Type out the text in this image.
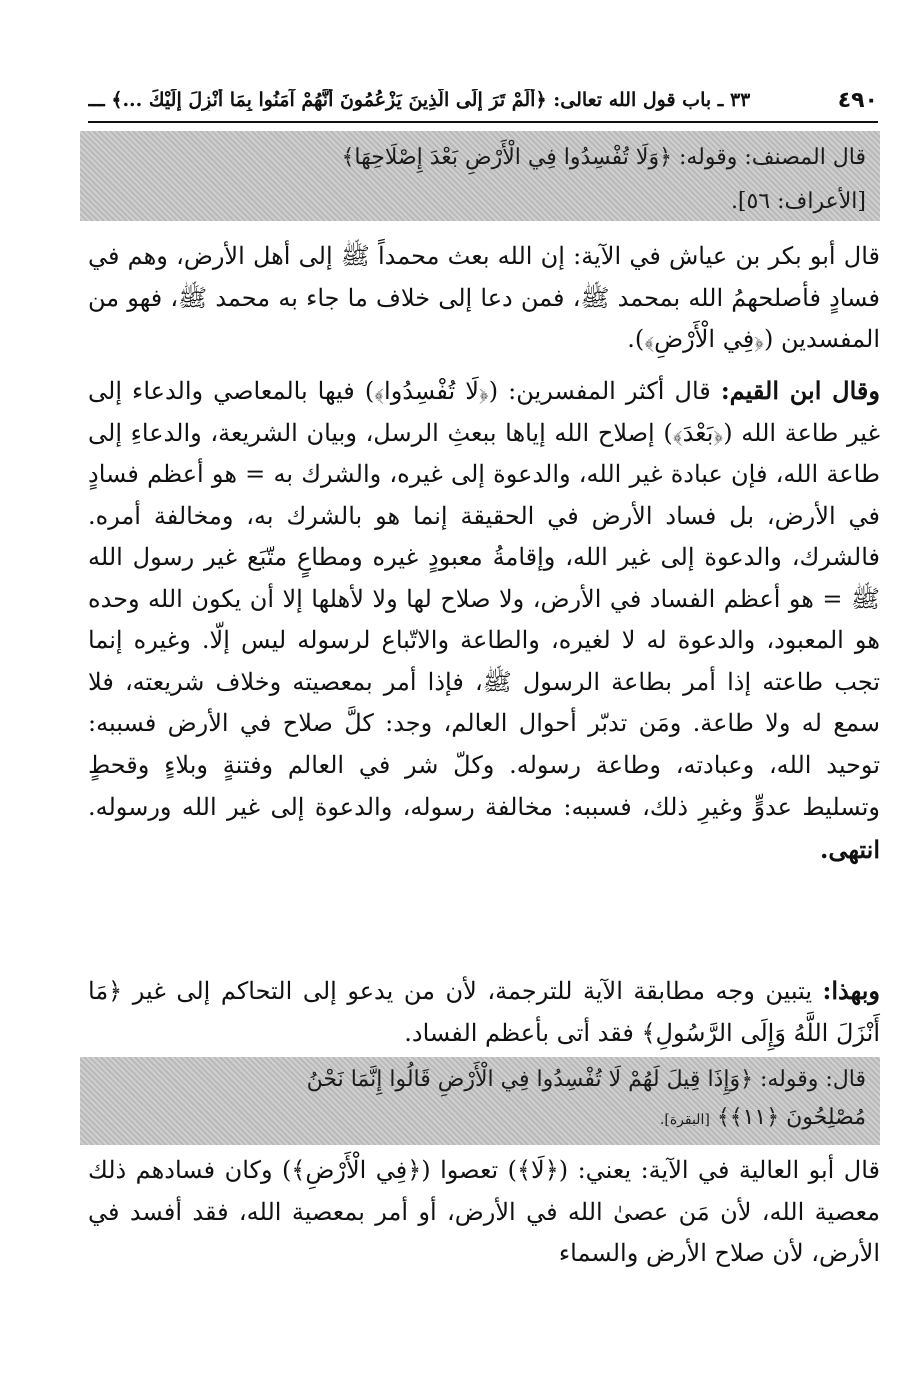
٤٩٠
٣٣ ـ باب قول الله تعالى: ﴿أَلَمْ تَرَ إِلَى الَّذِينَ يَزْعُمُونَ أَنَّهُمْ آمَنُوا بِمَا أُنْزِلَ إِلَيْكَ ...﴾ ـــ
قال المصنف: وقوله: ﴿وَلَا تُفْسِدُوا فِي الْأَرْضِ بَعْدَ إِصْلَاحِهَا﴾
[الأعراف: ٥٦].

قال أبو بكر بن عياش في الآية: إن الله بعث محمداً ﷺ إلى أهل الأرض، وهم في فسادٍ فأصلحهمُ الله بمحمد ﷺ، فمن دعا إلى خلاف ما جاء به محمد ﷺ، فهو من المفسدين (﴿فِي الْأَرْضِ﴾).

وقال ابن القيم: قال أكثر المفسرين: (﴿لَا تُفْسِدُوا﴾) فيها بالمعاصي والدعاء إلى غير طاعة الله (﴿بَعْدَ﴾) إصلاح الله إياها ببعثِ الرسل، وبيان الشريعة، والدعاءِ إلى طاعة الله، فإن عبادة غير الله، والدعوة إلى غيره، والشرك به = هو أعظم فسادٍ في الأرض، بل فساد الأرض في الحقيقة إنما هو بالشرك به، ومخالفة أمره. فالشرك، والدعوة إلى غير الله، وإقامةُ معبودٍ غيره ومطاعٍ متّبَع غير رسول الله ﷺ = هو أعظم الفساد في الأرض، ولا صلاح لها ولا لأهلها إلا أن يكون الله وحده هو المعبود، والدعوة له لا لغيره، والطاعة والاتّباع لرسوله ليس إلّا. وغيره إنما تجب طاعته إذا أمر بطاعة الرسول ﷺ، فإذا أمر بمعصيته وخلاف شريعته، فلا سمع له ولا طاعة. ومَن تدبّر أحوال العالم، وجد: كلَّ صلاح في الأرض فسببه: توحيد الله، وعبادته، وطاعة رسوله. وكلّ شر في العالم وفتنةٍ وبلاءٍ وقحطٍ وتسليط عدوٍّ وغيرِ ذلك، فسببه: مخالفة رسوله، والدعوة إلى غير الله ورسوله. انتهى.

وبهذا: يتبين وجه مطابقة الآية للترجمة، لأن من يدعو إلى التحاكم إلى غير ﴿مَا أَنْزَلَ اللَّهُ وَإِلَى الرَّسُولِ﴾ فقد أتى بأعظم الفساد.

قال: وقوله: ﴿وَإِذَا قِيلَ لَهُمْ لَا تُفْسِدُوا فِي الْأَرْضِ قَالُوا إِنَّمَا نَحْنُ
مُصْلِحُونَ ﴿١١﴾﴾ [البقرة].

قال أبو العالية في الآية: يعني: (﴿لَا﴾) تعصوا (﴿فِي الْأَرْضِ﴾) وكان فسادهم ذلك معصية الله، لأن مَن عصىٰ الله في الأرض، أو أمر بمعصية الله، فقد أفسد في الأرض، لأن صلاح الأرض والسماء
